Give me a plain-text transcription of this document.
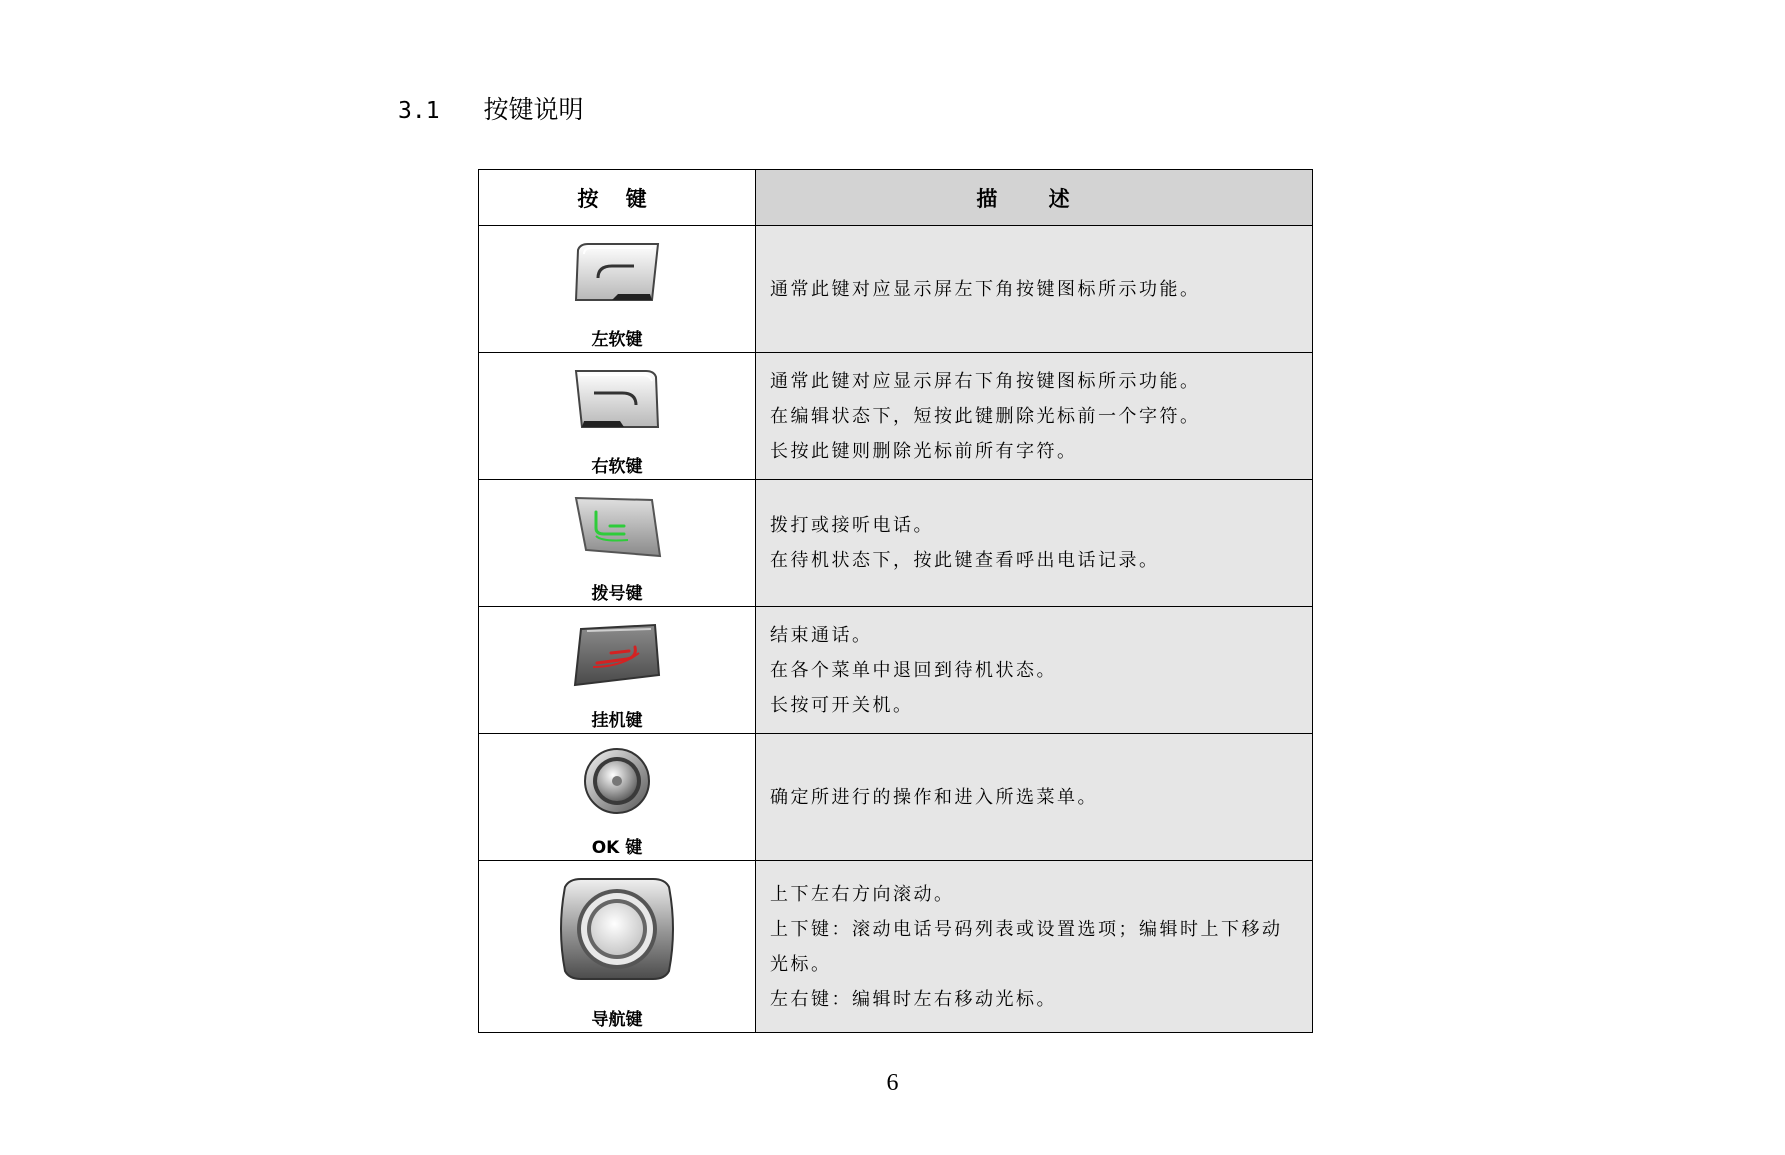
3.1 按键说明
按 键	描 述

左软键	通常此键对应显示屏左下角按键图标所示功能。

右软键	通常此键对应显示屏右下角按键图标所示功能。
在编辑状态下，短按此键删除光标前一个字符。
长按此键则删除光标前所有字符。

拨号键	拨打或接听电话。
在待机状态下，按此键查看呼出电话记录。

挂机键	结束通话。
在各个菜单中退回到待机状态。
长按可开关机。

OK 键	确定所进行的操作和进入所选菜单。

导航键	上下左右方向滚动。
上下键：滚动电话号码列表或设置选项；编辑时上下移动
光标。
左右键：编辑时左右移动光标。
6
